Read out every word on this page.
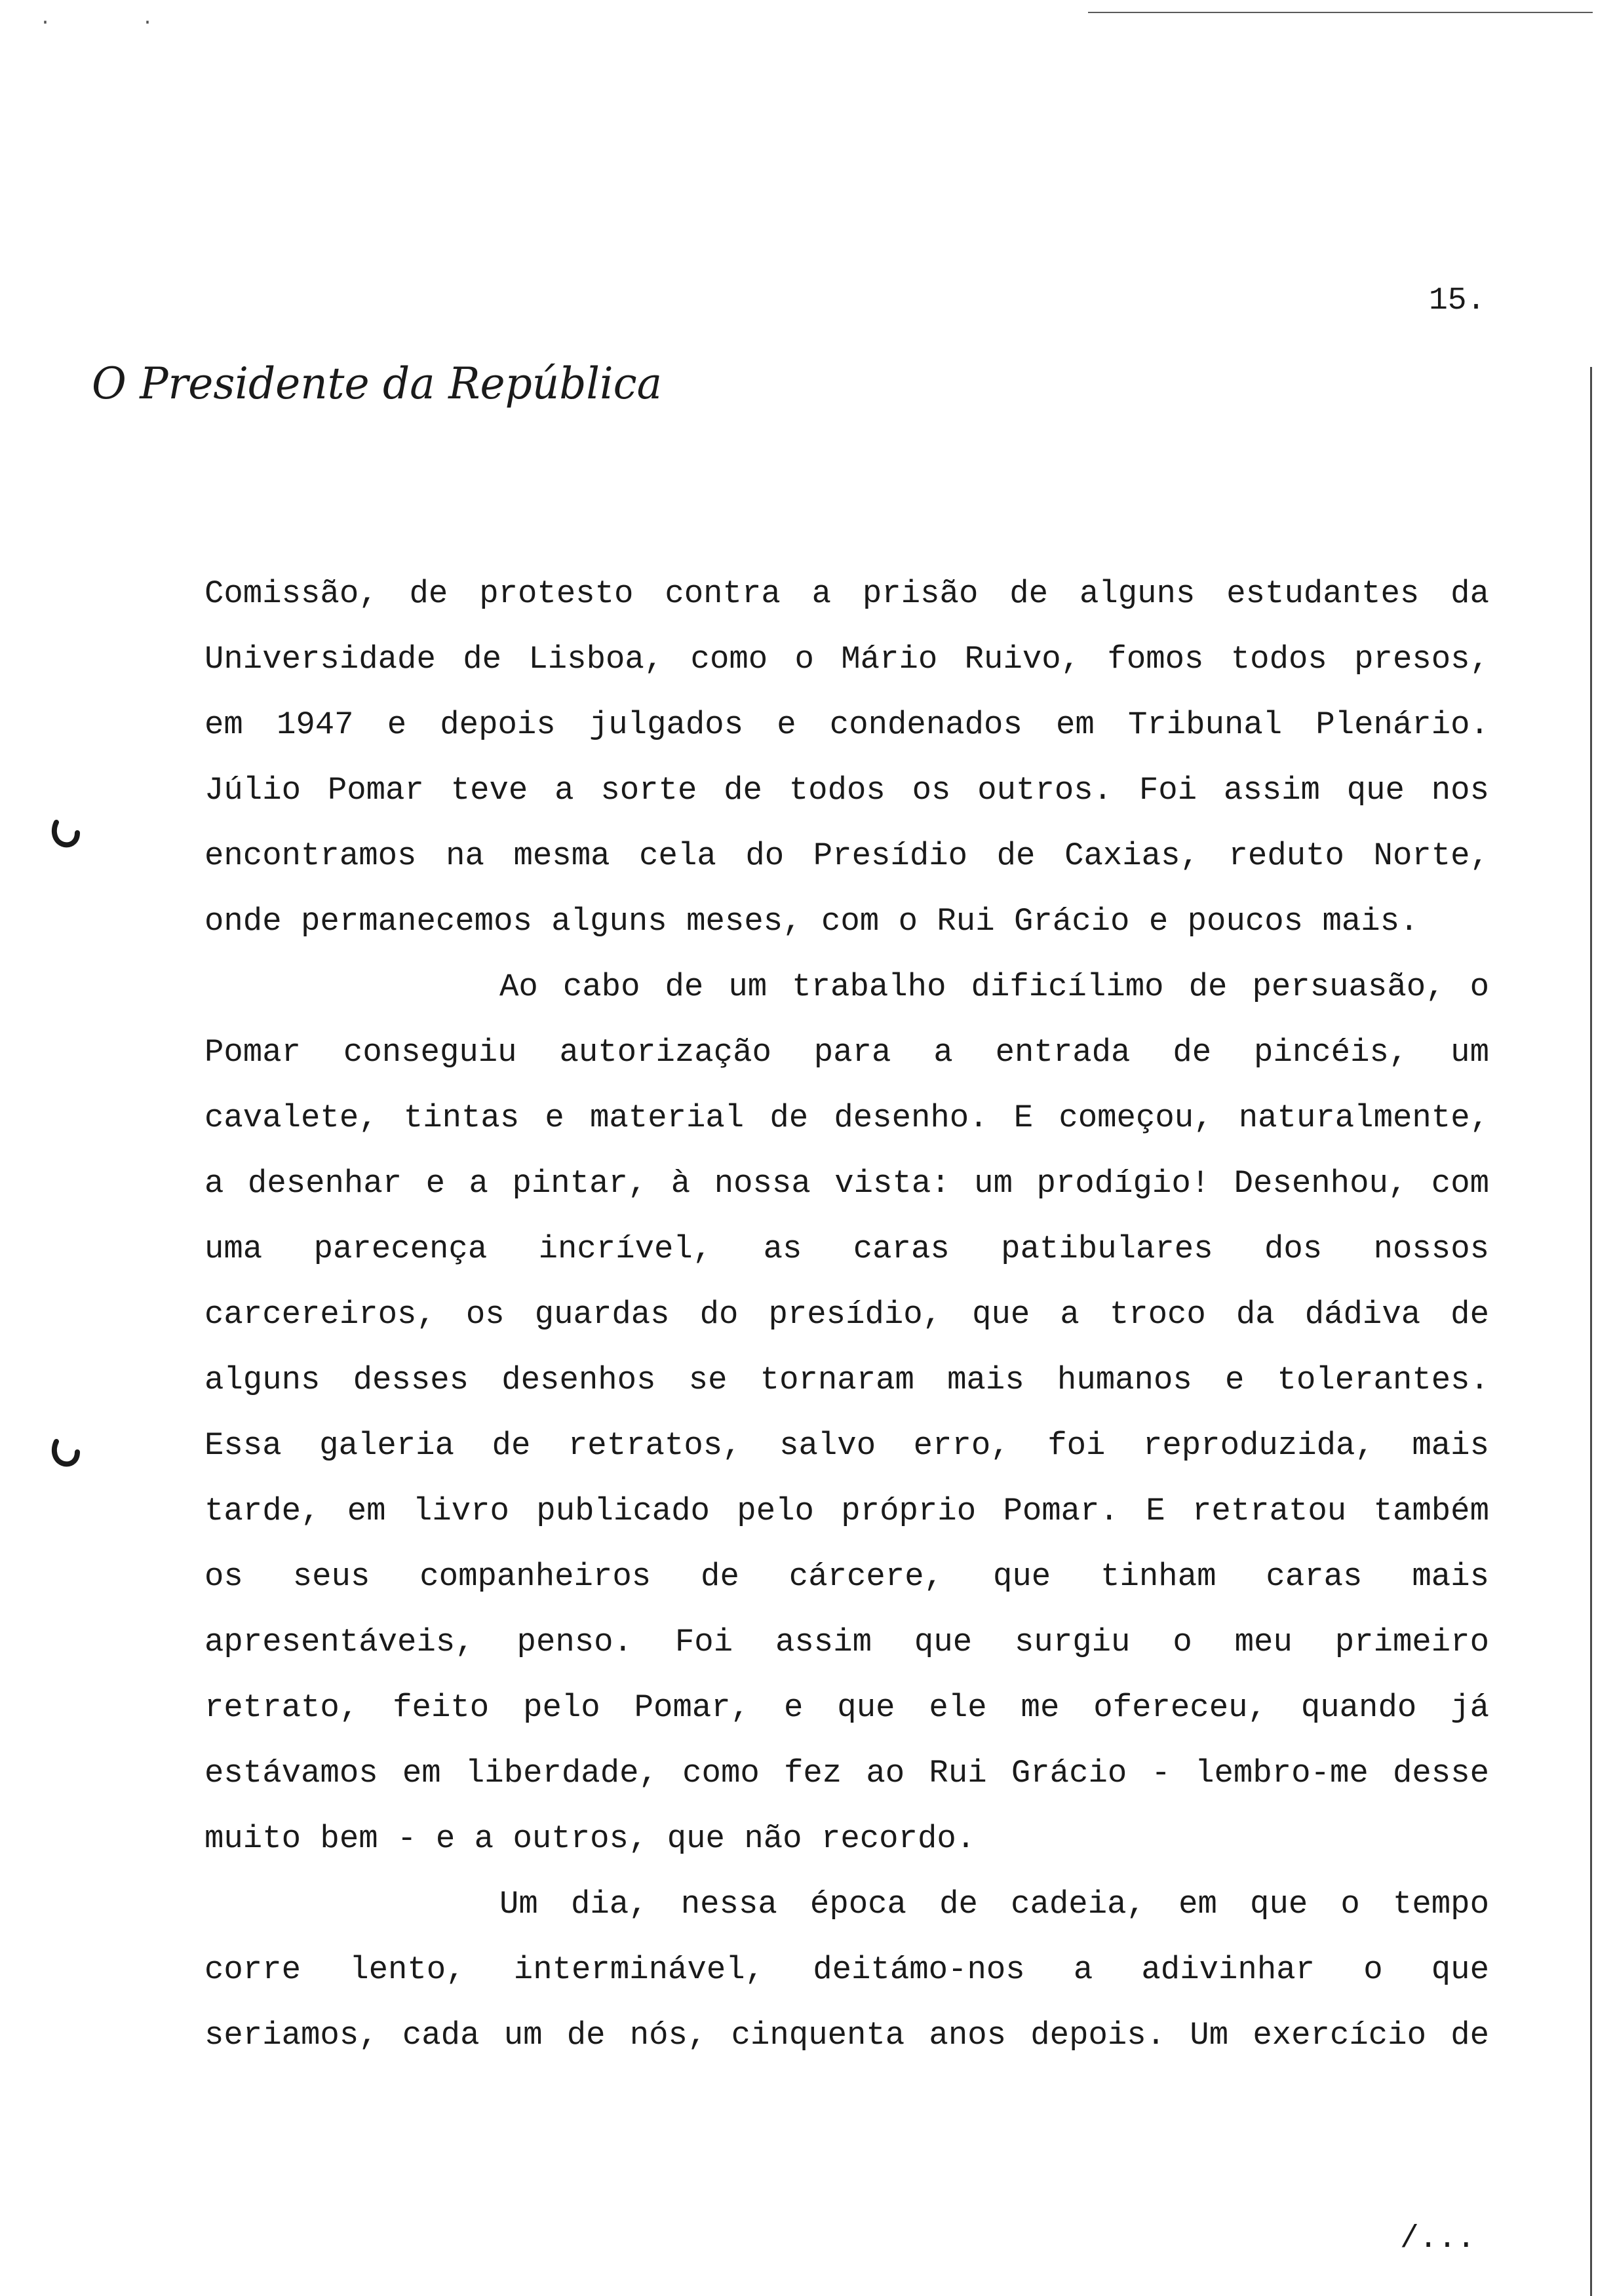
· ·
15.
O Presidente da República
Comissão, de protesto contra a prisão de alguns estudantes da
Universidade de Lisboa, como o Mário Ruivo, fomos todos presos,
em 1947 e depois julgados e condenados em Tribunal Plenário.
Júlio Pomar teve a sorte de todos os outros. Foi assim que nos
encontramos na mesma cela do Presídio de Caxias, reduto Norte,
onde permanecemos alguns meses, com o Rui Grácio e poucos mais.
Ao cabo de um trabalho dificílimo de persuasão, o
Pomar conseguiu autorização para a entrada de pincéis, um
cavalete, tintas e material de desenho. E começou, naturalmente,
a desenhar e a pintar, à nossa vista: um prodígio! Desenhou, com
uma parecença incrível, as caras patibulares dos nossos
carcereiros, os guardas do presídio, que a troco da dádiva de
alguns desses desenhos se tornaram mais humanos e tolerantes.
Essa galeria de retratos, salvo erro, foi reproduzida, mais
tarde, em livro publicado pelo próprio Pomar. E retratou também
os seus companheiros de cárcere, que tinham caras mais
apresentáveis, penso. Foi assim que surgiu o meu primeiro
retrato, feito pelo Pomar, e que ele me ofereceu, quando já
estávamos em liberdade, como fez ao Rui Grácio - lembro-me desse
muito bem - e a outros, que não recordo.
Um dia, nessa época de cadeia, em que o tempo
corre lento, interminável, deitámo-nos a adivinhar o que
seriamos, cada um de nós, cinquenta anos depois. Um exercício de
/...
